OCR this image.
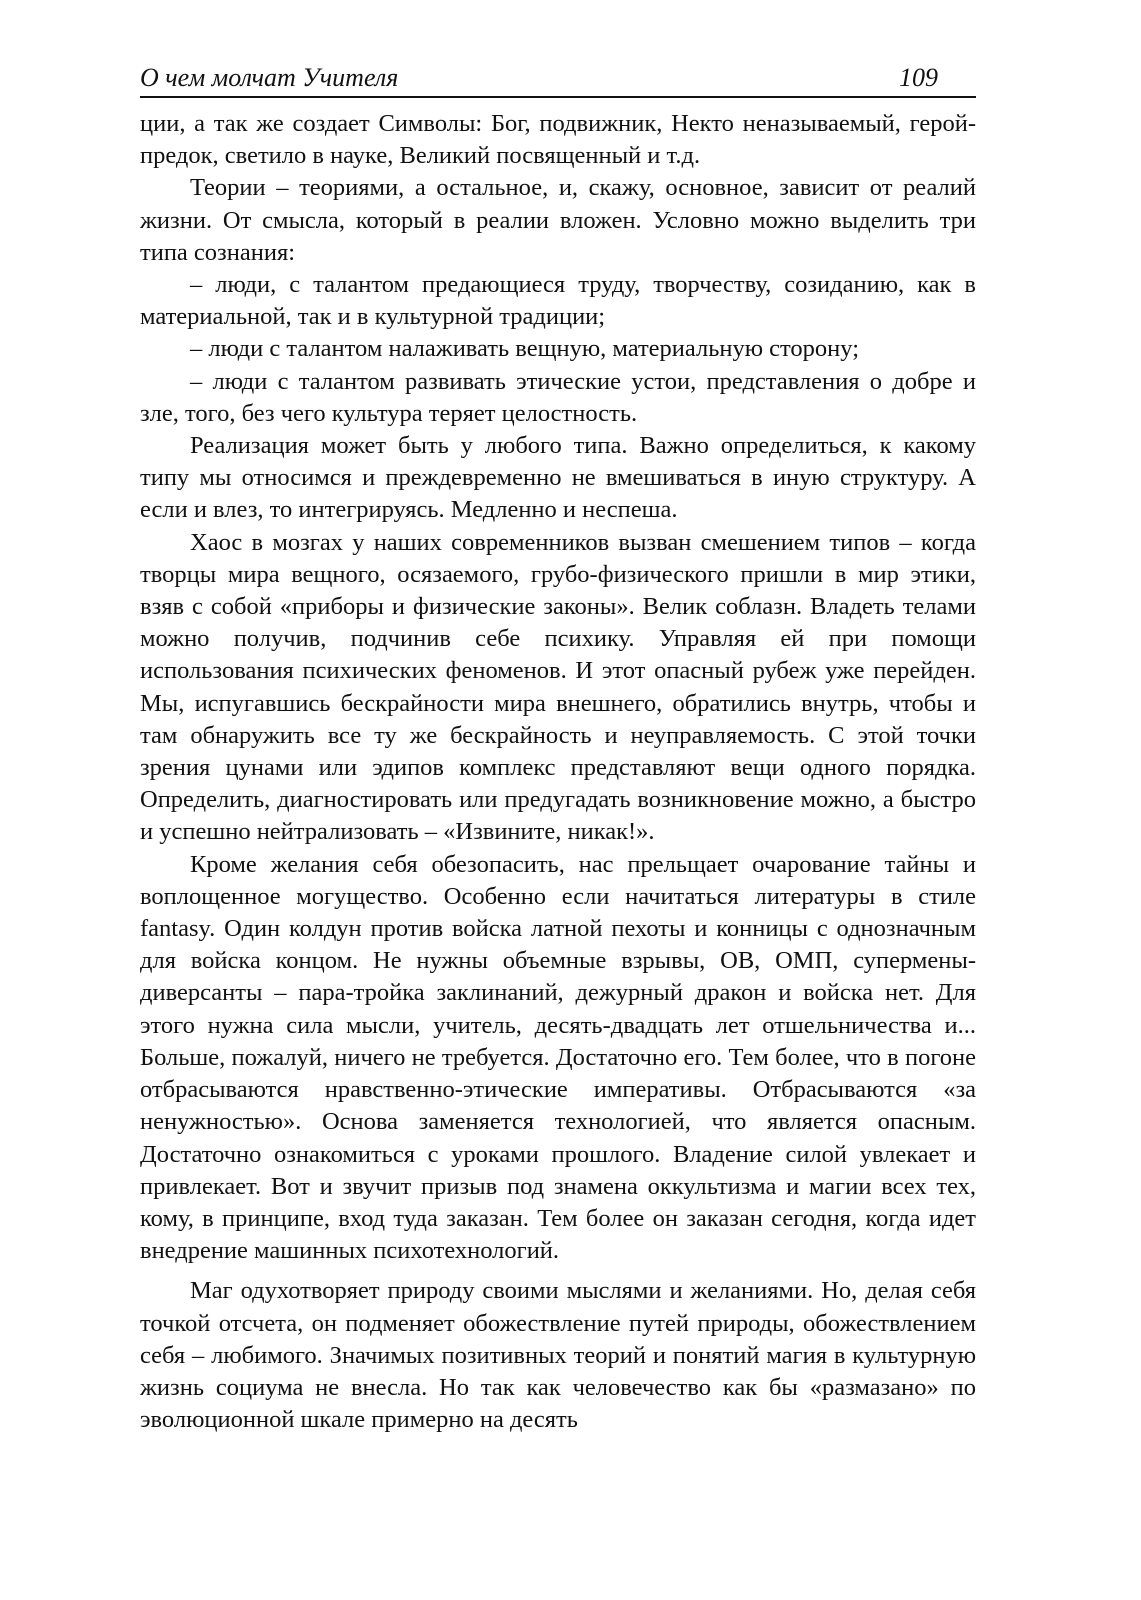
О чем молчат Учителя	109

ции, а так же создает Символы: Бог, подвижник, Некто неназываемый, герой-предок, светило в науке, Великий посвященный и т.д.

Теории – теориями, а остальное, и, скажу, основное, зависит от реалий жизни. От смысла, который в реалии вложен. Условно можно выделить три типа сознания:

– люди, с талантом предающиеся труду, творчеству, созиданию, как в материальной, так и в культурной традиции;

– люди с талантом налаживать вещную, материальную сторону;

– люди с талантом развивать этические устои, представления о добре и зле, того, без чего культура теряет целостность.

Реализация может быть у любого типа. Важно определиться, к какому типу мы относимся и преждевременно не вмешиваться в иную структуру. А если и влез, то интегрируясь. Медленно и неспеша.

Хаос в мозгах у наших современников вызван смешением типов – когда творцы мира вещного, осязаемого, грубо-физического пришли в мир этики, взяв с собой «приборы и физические законы». Велик соблазн. Владеть телами можно получив, подчинив себе психику. Управляя ей при помощи использования психических феноменов. И этот опасный рубеж уже перейден. Мы, испугавшись бескрайности мира внешнего, обратились внутрь, чтобы и там обнаружить все ту же бескрайность и неуправляемость. С этой точки зрения цунами или эдипов комплекс представляют вещи одного порядка. Определить, диагностировать или предугадать возникновение можно, а быстро и успешно нейтрализовать – «Извините, никак!».

Кроме желания себя обезопасить, нас прельщает очарование тайны и воплощенное могущество. Особенно если начитаться литературы в стиле fantasy. Один колдун против войска латной пехоты и конницы с однозначным для войска концом. Не нужны объемные взрывы, ОВ, ОМП, супермены-диверсанты – пара-тройка заклинаний, дежурный дракон и войска нет. Для этого нужна сила мысли, учитель, десять-двадцать лет отшельничества и... Больше, пожалуй, ничего не требуется. Достаточно его. Тем более, что в погоне отбрасываются нравственно-этические императивы. Отбрасываются «за ненужностью». Основа заменяется технологией, что является опасным. Достаточно ознакомиться с уроками прошлого. Владение силой увлекает и привлекает. Вот и звучит призыв под знамена оккультизма и магии всех тех, кому, в принципе, вход туда заказан. Тем более он заказан сегодня, когда идет внедрение машинных психотехнологий.

Маг одухотворяет природу своими мыслями и желаниями. Но, делая себя точкой отсчета, он подменяет обожествление путей природы, обожествлением себя – любимого. Значимых позитивных теорий и понятий магия в культурную жизнь социума не внесла. Но так как человечество как бы «размазано» по эволюционной шкале примерно на десять
